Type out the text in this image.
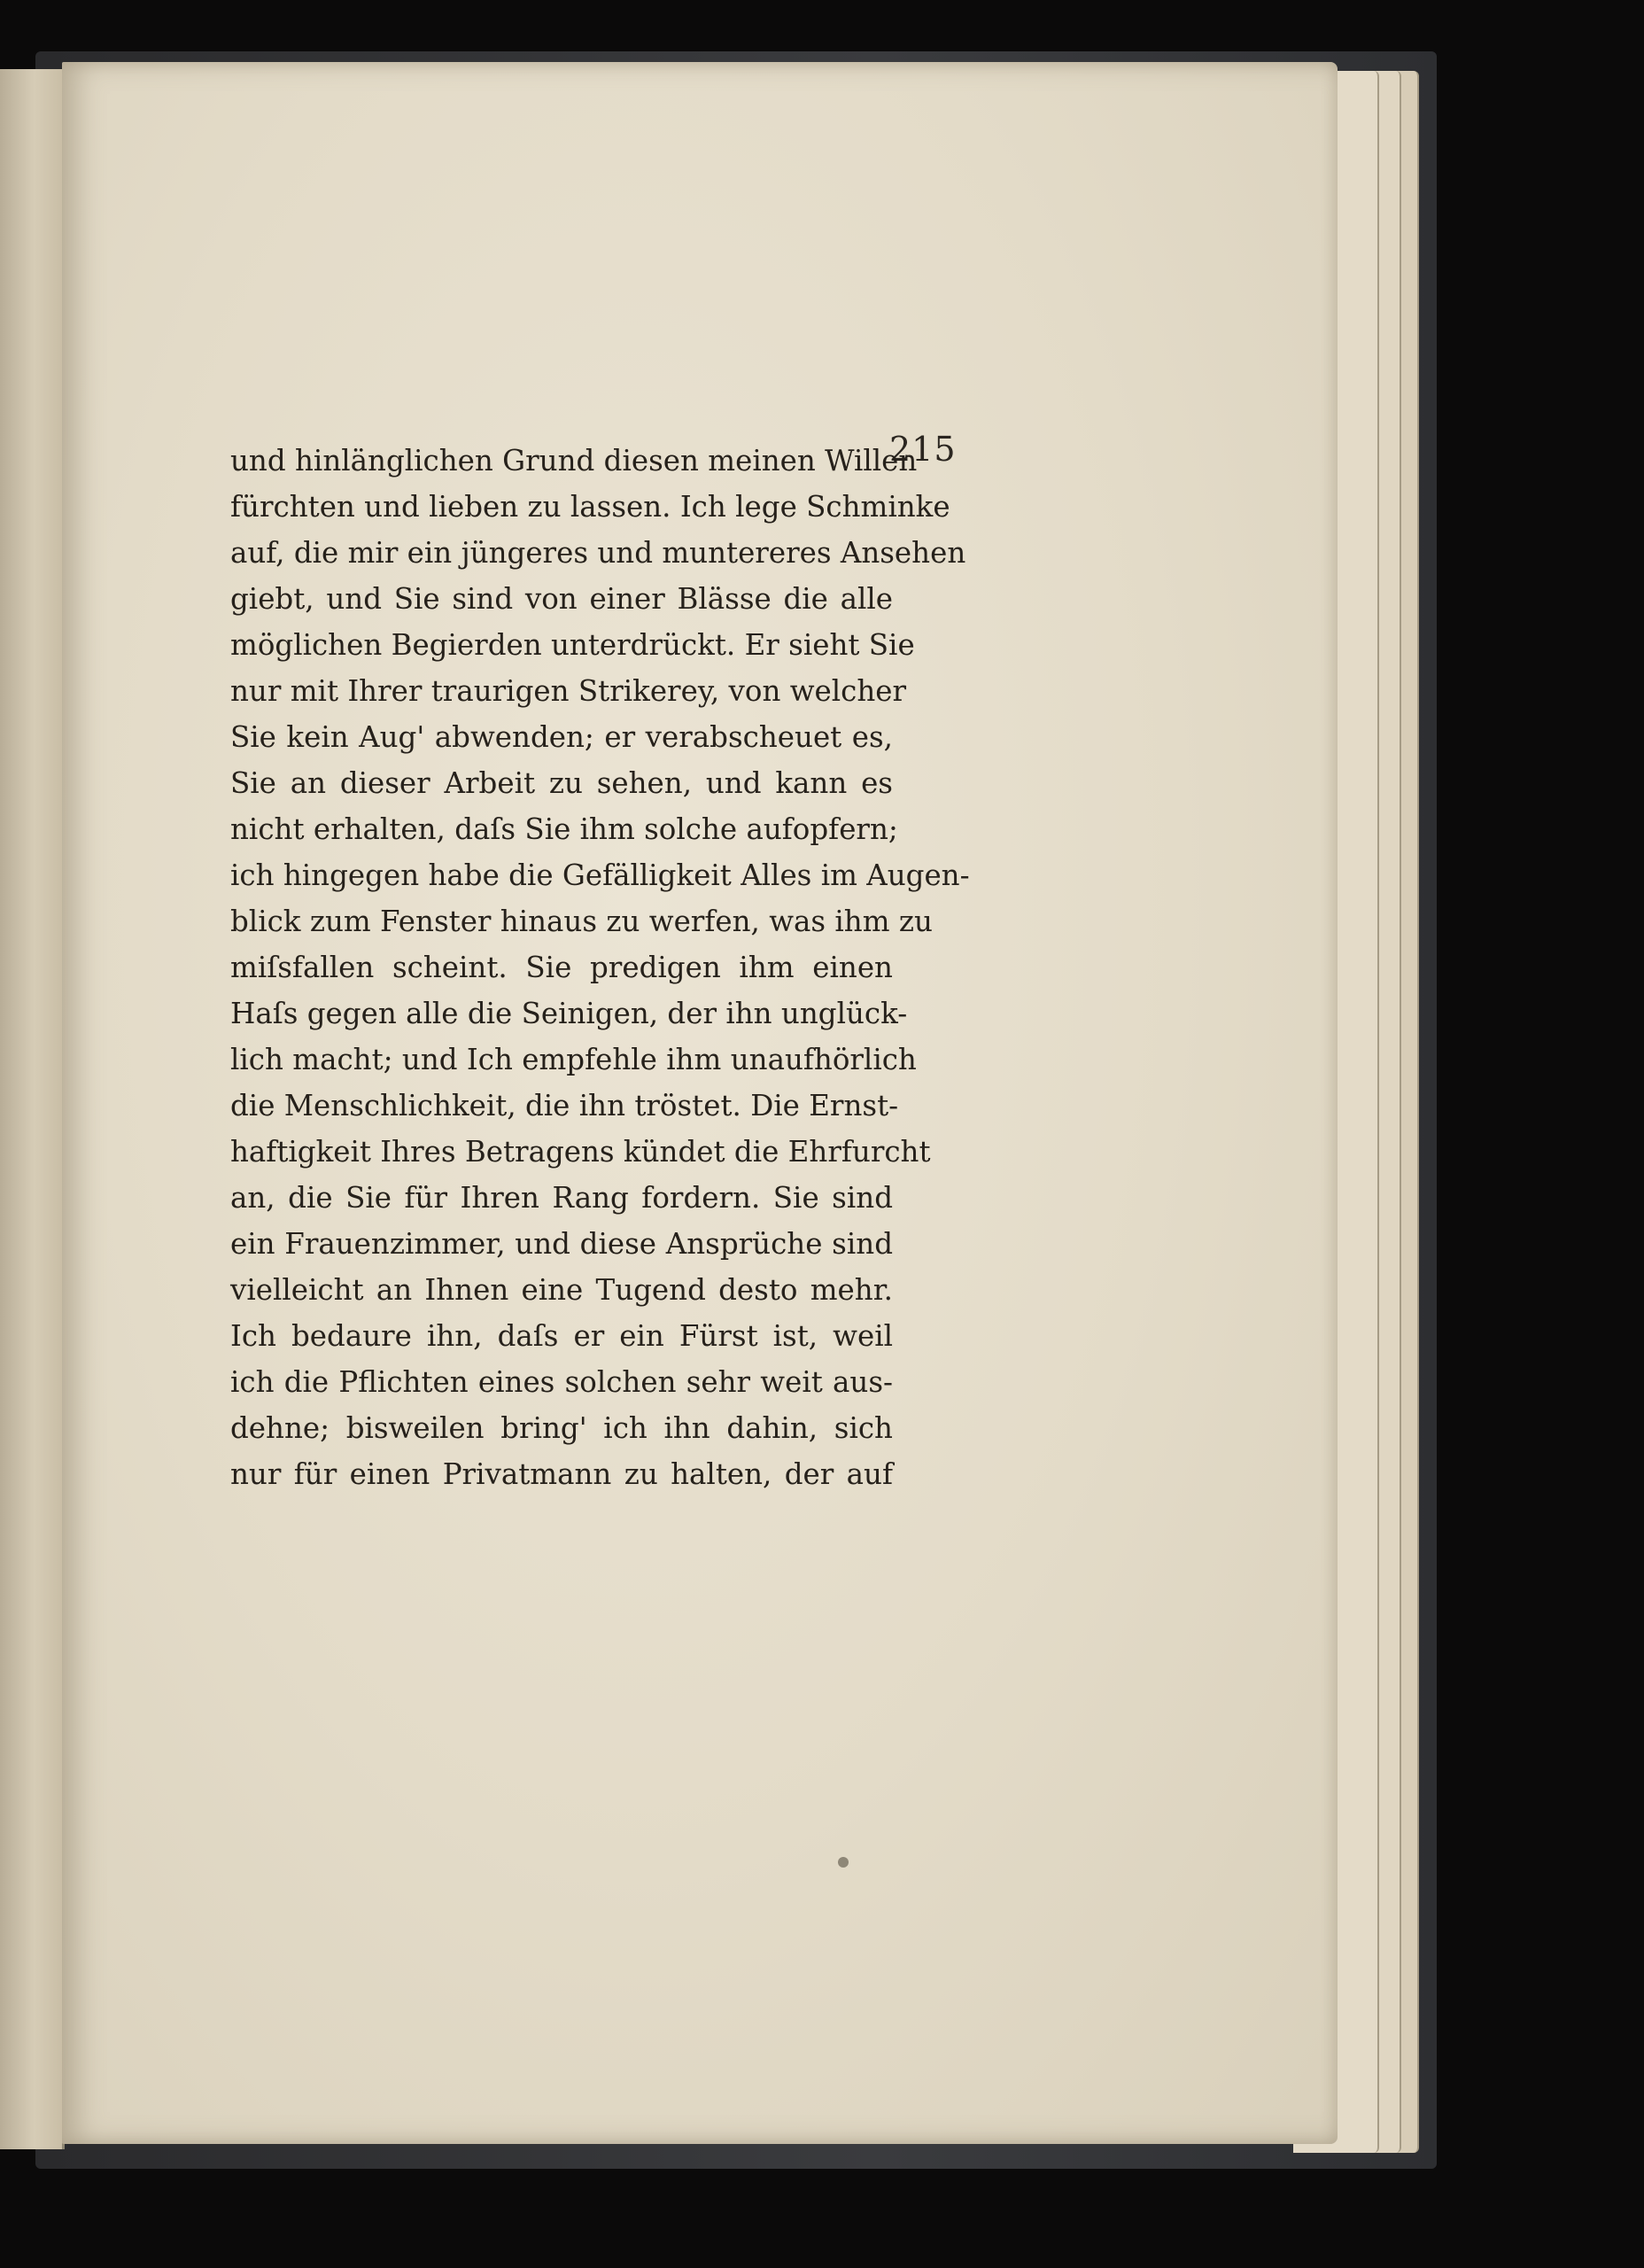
215
und hinlänglichen Grund diesen meinen Willen
fürchten und lieben zu lassen. Ich lege Schminke
auf, die mir ein jüngeres und muntereres Ansehen
giebt, und Sie sind von einer Blässe die alle
möglichen Begierden unterdrückt. Er sieht Sie
nur mit Ihrer traurigen Strikerey, von welcher
Sie kein Aug' abwenden; er verabscheuet es,
Sie an dieser Arbeit zu sehen, und kann es
nicht erhalten, daſs Sie ihm solche aufopfern;
ich hingegen habe die Gefälligkeit Alles im Augen-
blick zum Fenster hinaus zu werfen, was ihm zu
miſsfallen scheint. Sie predigen ihm einen
Haſs gegen alle die Seinigen, der ihn unglück-
lich macht; und Ich empfehle ihm unaufhörlich
die Menschlichkeit, die ihn tröstet. Die Ernst-
haftigkeit Ihres Betragens kündet die Ehrfurcht
an, die Sie für Ihren Rang fordern. Sie sind
ein Frauenzimmer, und diese Ansprüche sind
vielleicht an Ihnen eine Tugend desto mehr.
Ich bedaure ihn, daſs er ein Fürst ist, weil
ich die Pflichten eines solchen sehr weit aus-
dehne; bisweilen bring' ich ihn dahin, sich
nur für einen Privatmann zu halten, der auf
